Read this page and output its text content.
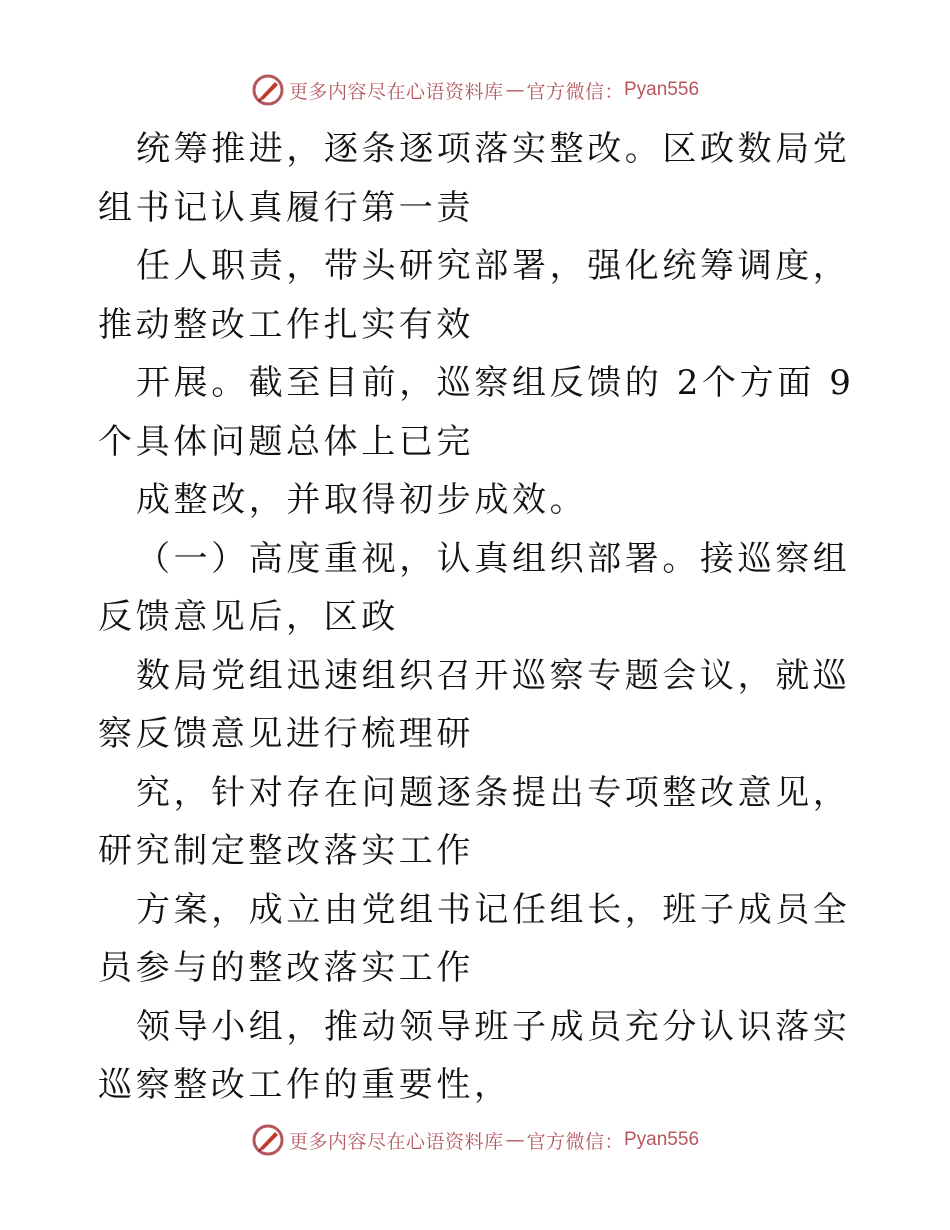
更多内容尽在心语资料库 — 官方微信： Pyan556

统筹推进，逐条逐项落实整改。区政数局党组书记认真履行第一责

任人职责，带头研究部署，强化统筹调度，推动整改工作扎实有效

开展。截至目前，巡察组反馈的 2个方面 9个具体问题总体上已完

成整改，并取得初步成效。

（一）高度重视，认真组织部署。接巡察组反馈意见后，区政

数局党组迅速组织召开巡察专题会议，就巡察反馈意见进行梳理研

究，针对存在问题逐条提出专项整改意见，研究制定整改落实工作

方案，成立由党组书记任组长，班子成员全员参与的整改落实工作

领导小组，推动领导班子成员充分认识落实巡察整改工作的重要性，

更多内容尽在心语资料库 — 官方微信： Pyan556
